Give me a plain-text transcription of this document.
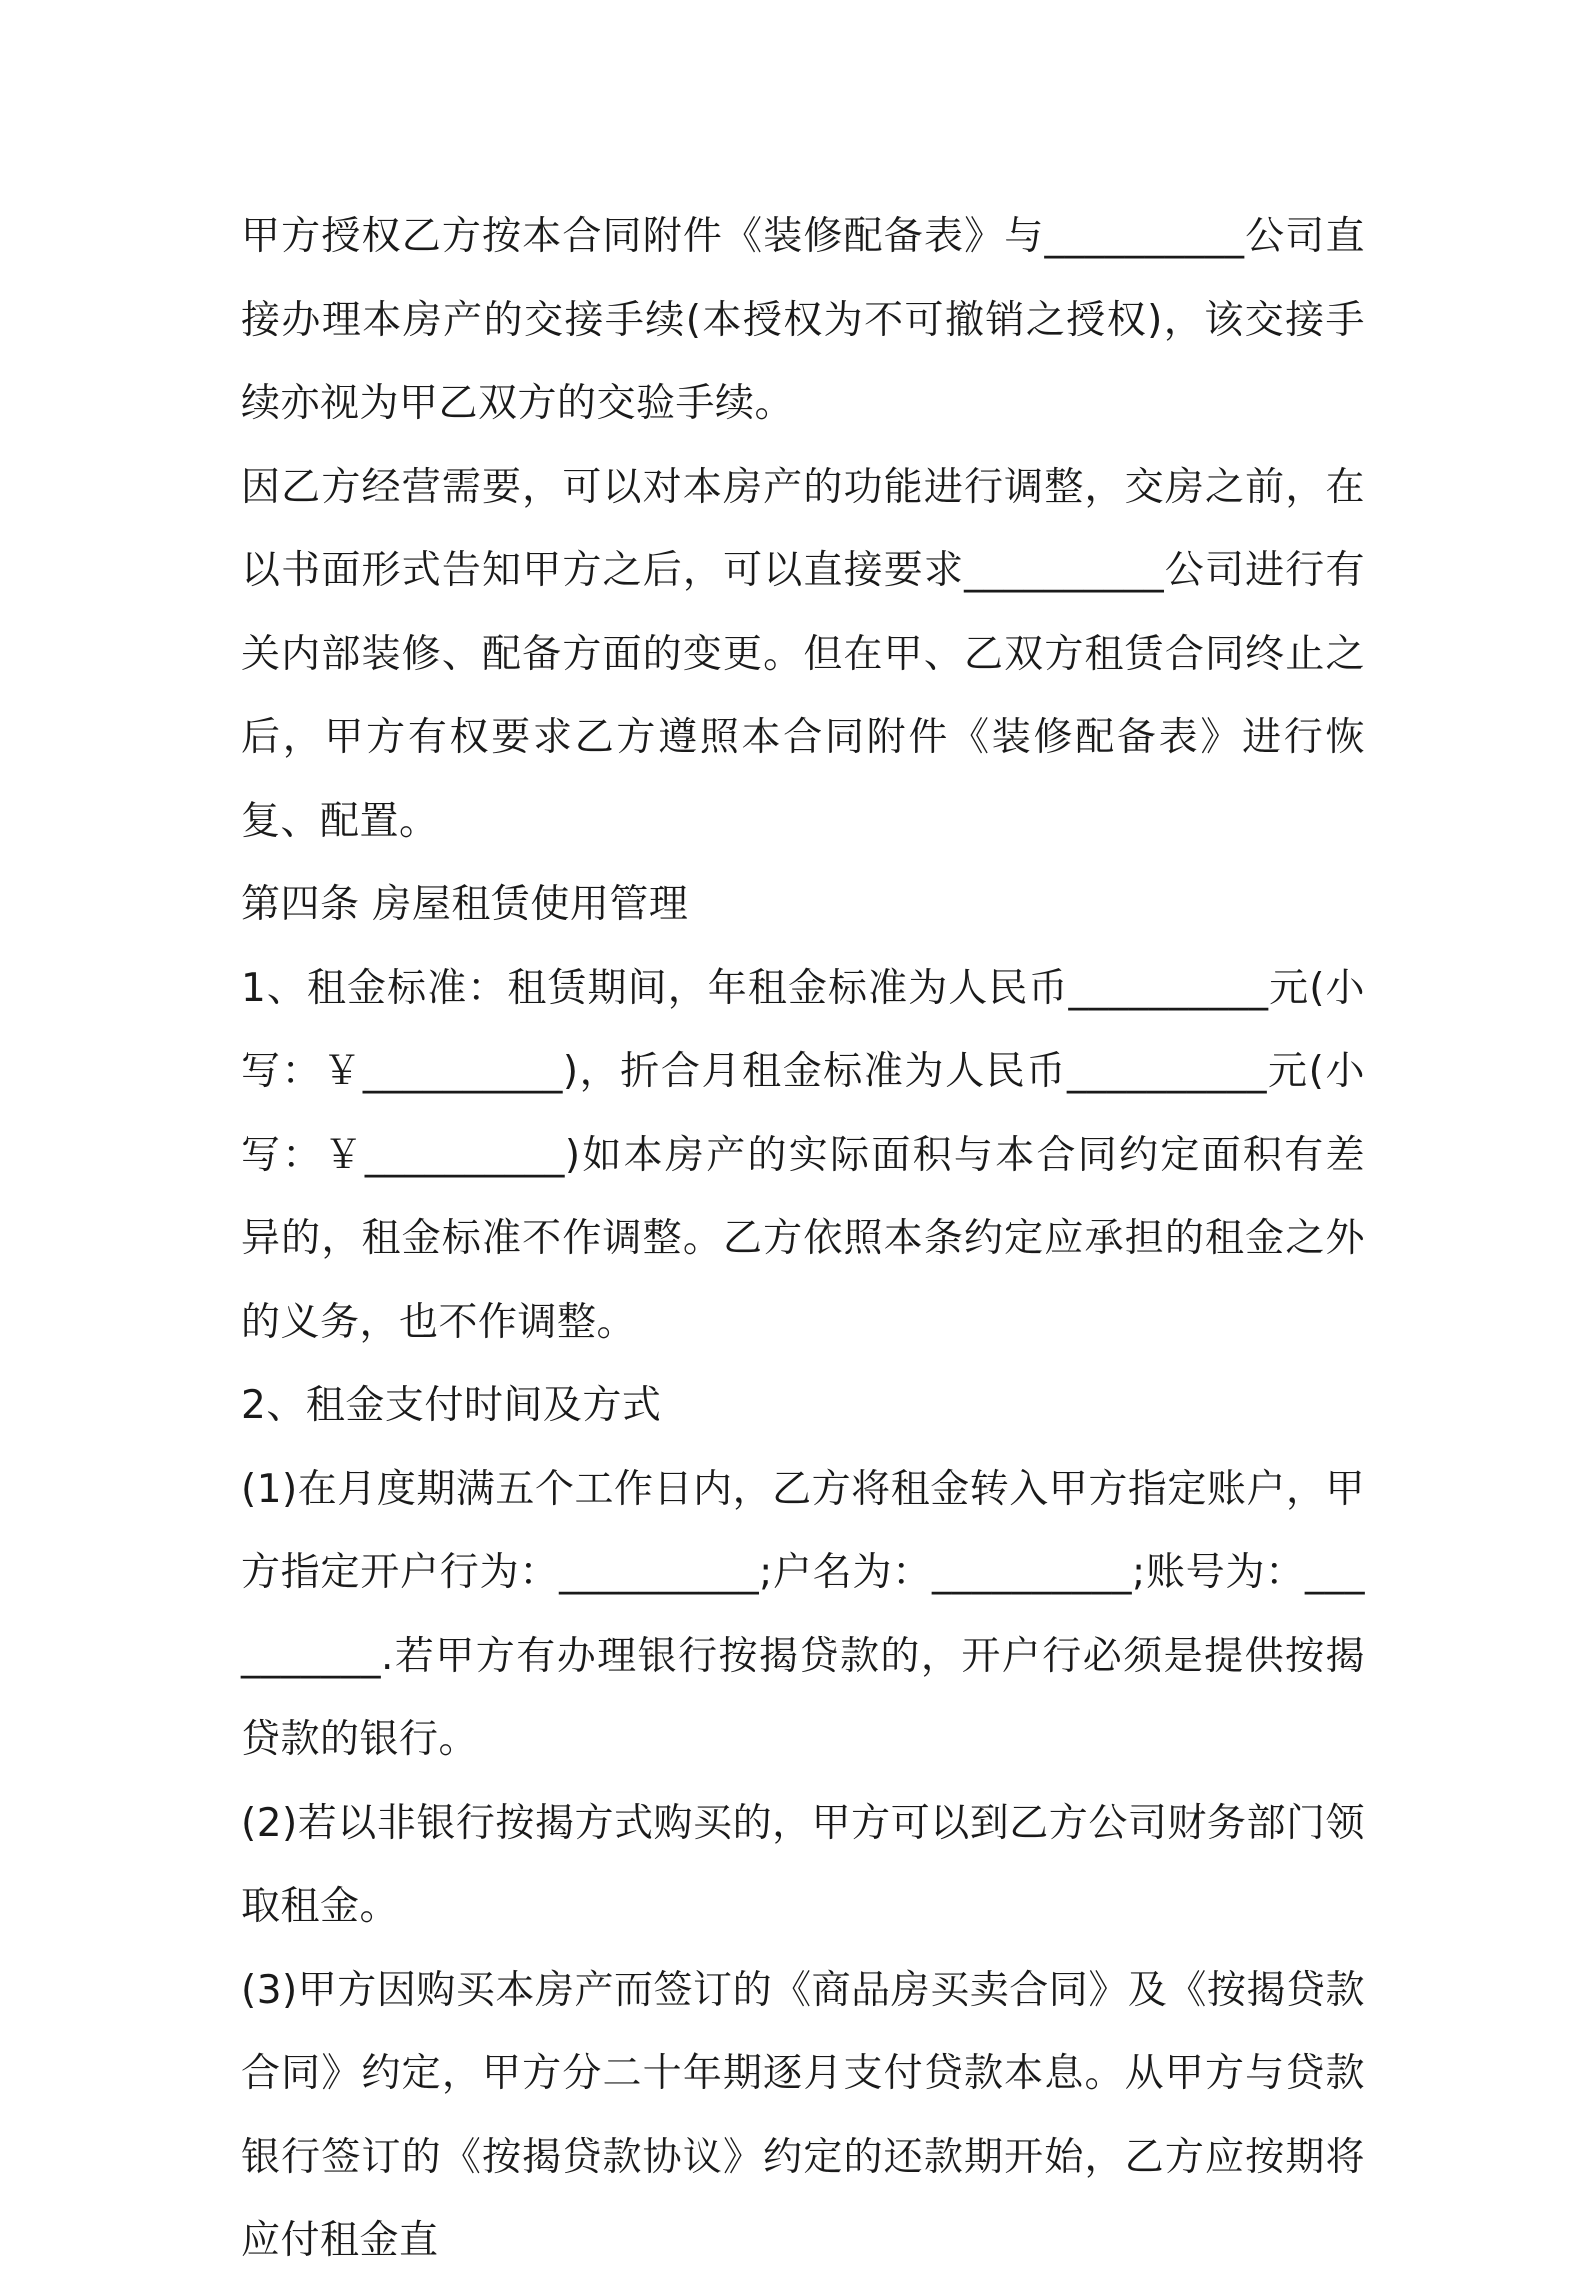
甲方授权乙方按本合同附件《装修配备表》与__________公司直接办理本房产的交接手续(本授权为不可撤销之授权)，该交接手续亦视为甲乙双方的交验手续。

因乙方经营需要，可以对本房产的功能进行调整，交房之前，在以书面形式告知甲方之后，可以直接要求__________公司进行有关内部装修、配备方面的变更。但在甲、乙双方租赁合同终止之后，甲方有权要求乙方遵照本合同附件《装修配备表》进行恢复、配置。

第四条 房屋租赁使用管理

1、租金标准：租赁期间，年租金标准为人民币__________元(小写：￥__________)，折合月租金标准为人民币__________元(小写：￥__________)如本房产的实际面积与本合同约定面积有差异的，租金标准不作调整。乙方依照本条约定应承担的租金之外的义务，也不作调整。

2、租金支付时间及方式

(1)在月度期满五个工作日内，乙方将租金转入甲方指定账户，甲方指定开户行为：__________;户名为：__________;账号为：__________.若甲方有办理银行按揭贷款的，开户行必须是提供按揭贷款的银行。

(2)若以非银行按揭方式购买的，甲方可以到乙方公司财务部门领取租金。

(3)甲方因购买本房产而签订的《商品房买卖合同》及《按揭贷款合同》约定，甲方分二十年期逐月支付贷款本息。从甲方与贷款银行签订的《按揭贷款协议》约定的还款期开始，乙方应按期将应付租金直
